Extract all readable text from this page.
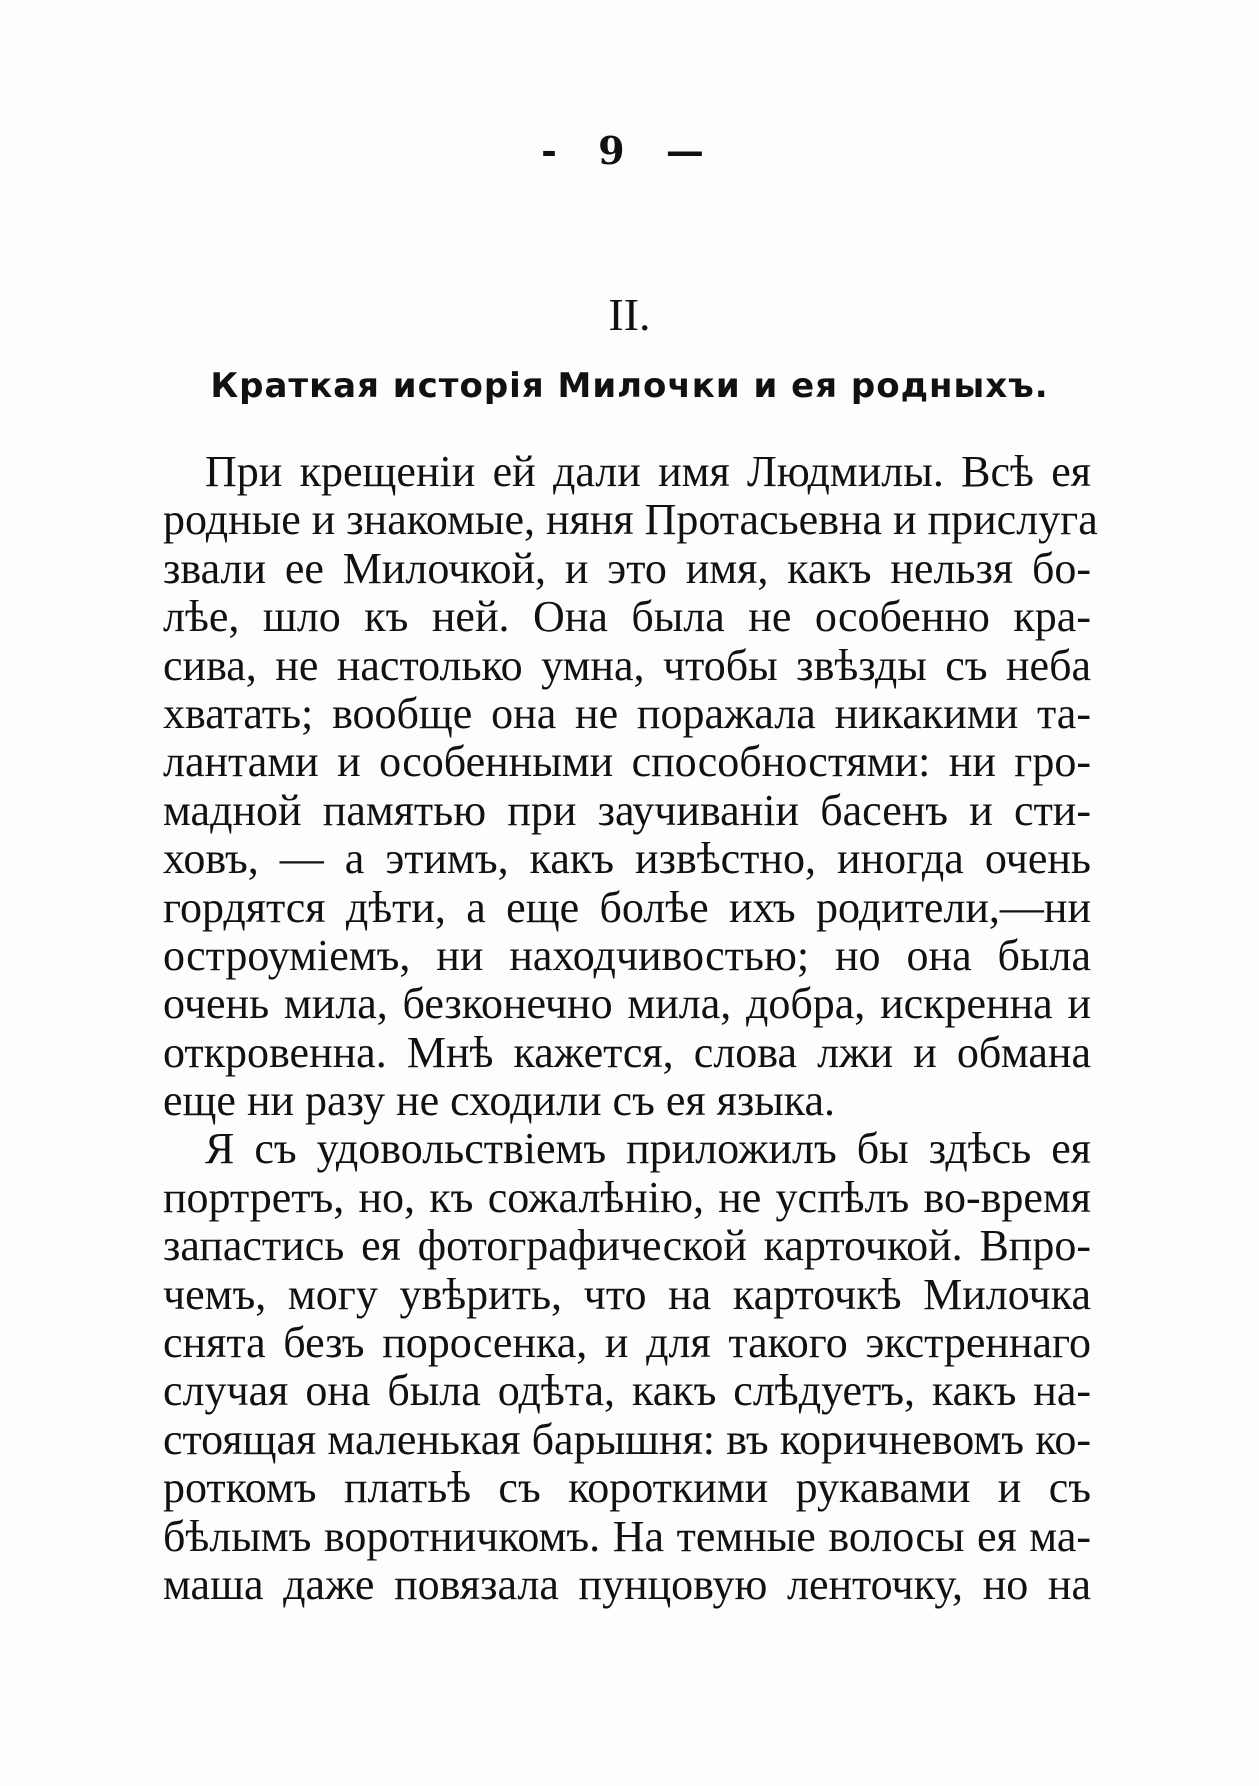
- 9 —
II.
Краткая исторія Милочки и ея родныхъ.
При крещеніи ей дали имя Людмилы. Всѣ ея
родные и знакомые, няня Протасьевна и прислуга
звали ее Милочкой, и это имя, какъ нельзя бо-
лѣе, шло къ ней. Она была не особенно кра-
сива, не настолько умна, чтобы звѣзды съ неба
хватать; вообще она не поражала никакими та-
лантами и особенными способностями: ни гро-
мадной памятью при заучиваніи басенъ и сти-
ховъ, — а этимъ, какъ извѣстно, иногда очень
гордятся дѣти, а еще болѣе ихъ родители,—ни
остроуміемъ, ни находчивостью; но она была
очень мила, безконечно мила, добра, искренна и
откровенна. Мнѣ кажется, слова лжи и обмана
еще ни разу не сходили съ ея языка.
Я съ удовольствіемъ приложилъ бы здѣсь ея
портретъ, но, къ сожалѣнію, не успѣлъ во-время
запастись ея фотографической карточкой. Впро-
чемъ, могу увѣрить, что на карточкѣ Милочка
снята безъ поросенка, и для такого экстреннаго
случая она была одѣта, какъ слѣдуетъ, какъ на-
стоящая маленькая барышня: въ коричневомъ ко-
роткомъ платьѣ съ короткими рукавами и съ
бѣлымъ воротничкомъ. На темные волосы ея ма-
маша даже повязала пунцовую ленточку, но на
